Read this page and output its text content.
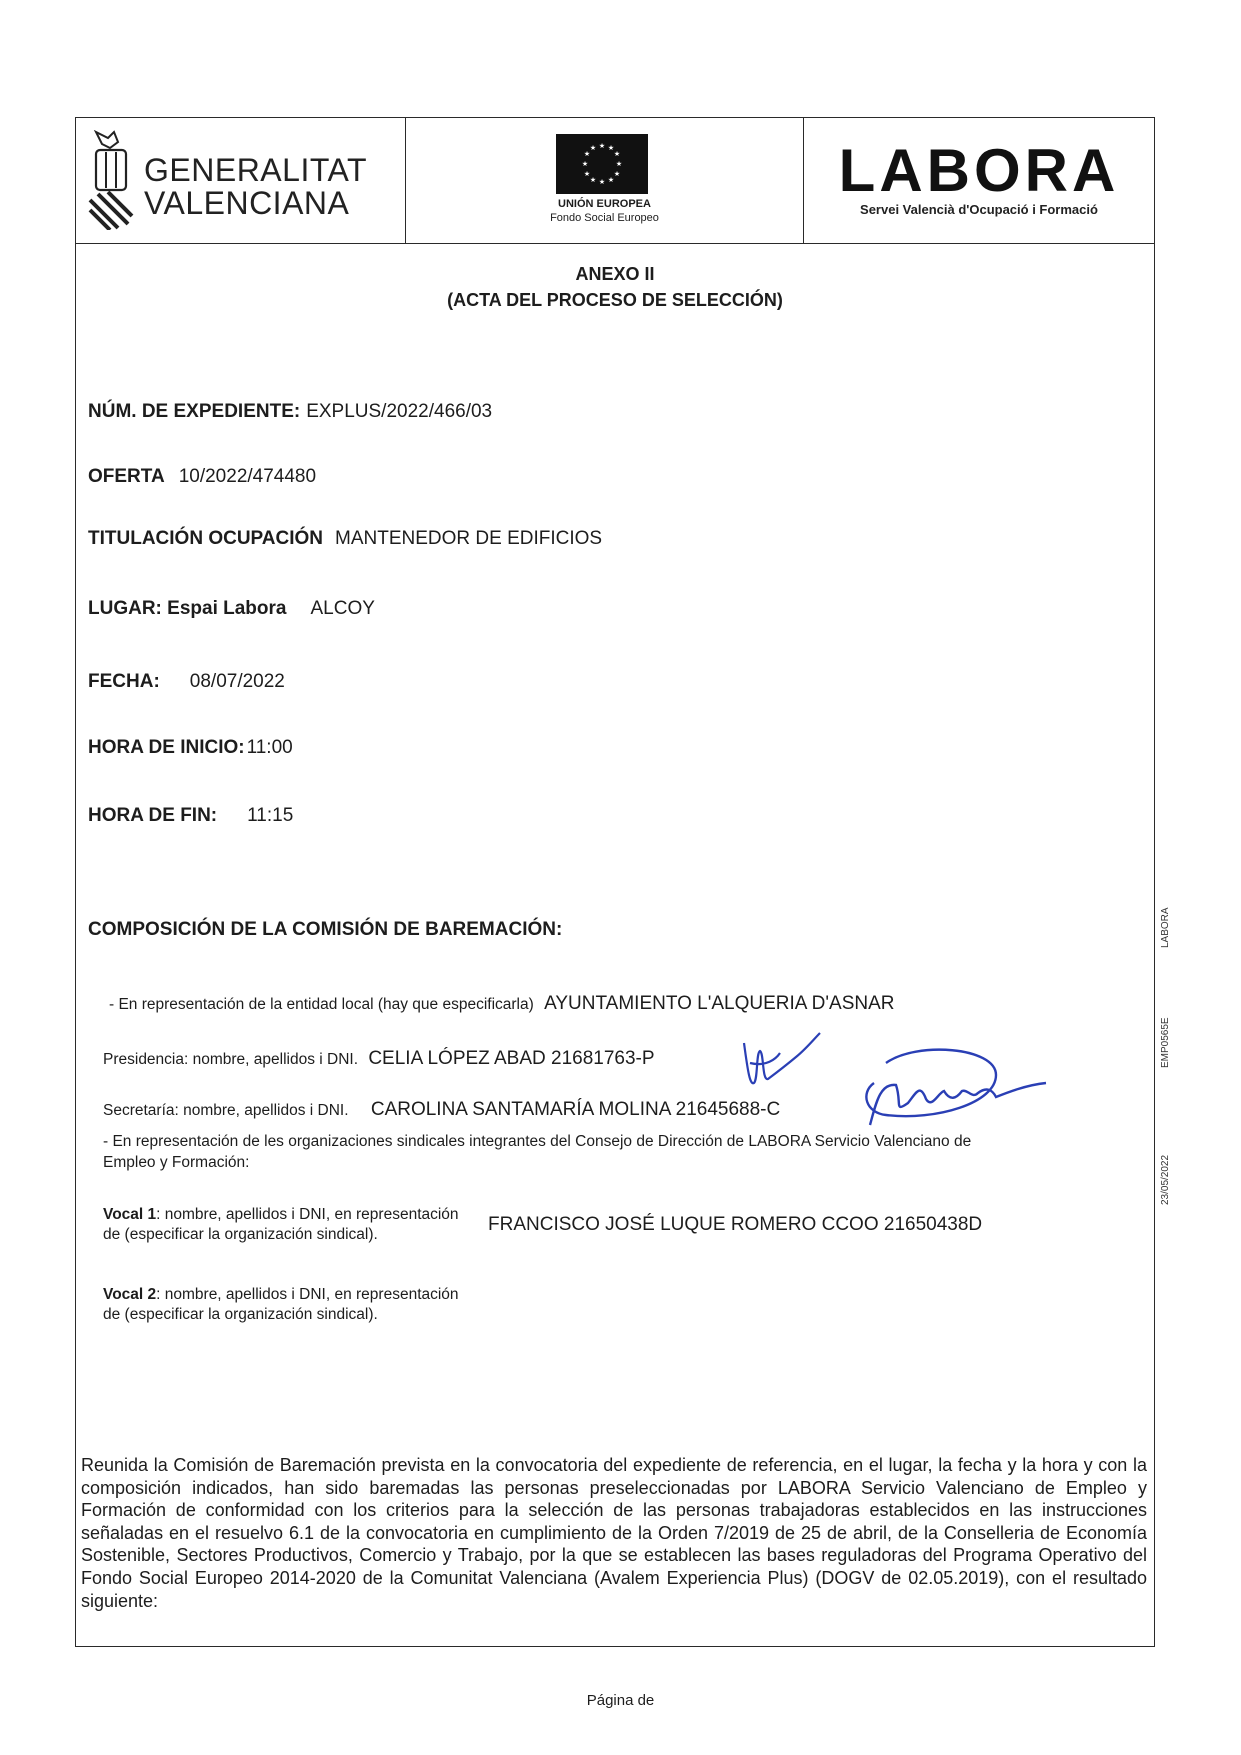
GENERALITAT
VALENCIANA
★ ★
★
★
★
★
★
★
★
★
★
★
UNIÓN EUROPEA
Fondo Social Europeo
LABORA
Servei Valencià d'Ocupació i Formació
ANEXO II
(ACTA DEL PROCESO DE SELECCIÓN)
NÚM. DE EXPEDIENTE: EXPLUS/2022/466/03
OFERTA 10/2022/474480
TITULACIÓN OCUPACIÓN MANTENEDOR DE EDIFICIOS
LUGAR: Espai Labora ALCOY
FECHA: 08/07/2022
HORA DE INICIO: 11:00
HORA DE FIN: 11:15
COMPOSICIÓN DE LA COMISIÓN DE BAREMACIÓN:
- En representación de la entidad local (hay que especificarla) AYUNTAMIENTO L'ALQUERIA D'ASNAR
Presidencia: nombre, apellidos i DNI. CELIA LÓPEZ ABAD 21681763-P
Secretaría: nombre, apellidos i DNI. CAROLINA SANTAMARÍA MOLINA 21645688-C
- En representación de les organizaciones sindicales integrantes del Consejo de Dirección de LABORA Servicio Valenciano de
Empleo y Formación:
Vocal 1: nombre, apellidos i DNI, en representación
de (especificar la organización sindical).	FRANCISCO JOSÉ LUQUE ROMERO CCOO 21650438D
Vocal 2: nombre, apellidos i DNI, en representación
de (especificar la organización sindical).
Reunida la Comisión de Baremación prevista en la convocatoria del expediente de referencia, en el lugar, la fecha y la hora y con la composición indicados, han sido baremadas las personas preseleccionadas por LABORA Servicio Valenciano de Empleo y Formación de conformidad con los criterios para la selección de las personas trabajadoras establecidos en las instrucciones señaladas en el resuelvo 6.1 de la convocatoria en cumplimiento de la Orden 7/2019 de 25 de abril, de la Conselleria de Economía Sostenible, Sectores Productivos, Comercio y Trabajo, por la que se establecen las bases reguladoras del Programa Operativo del Fondo Social Europeo 2014-2020 de la Comunitat Valenciana (Avalem Experiencia Plus) (DOGV de 02.05.2019), con el resultado siguiente:
LABORA
EMP0565E
23/05/2022
Página de
